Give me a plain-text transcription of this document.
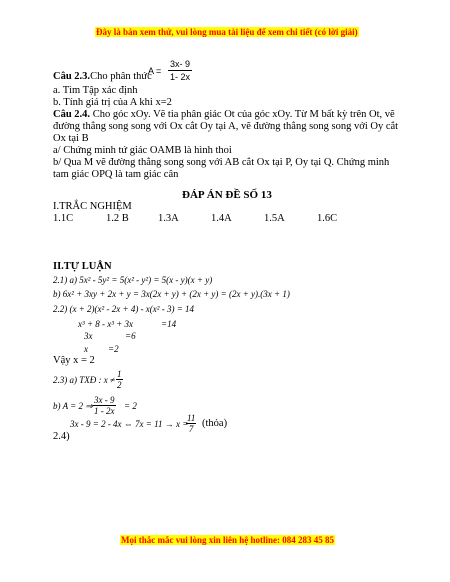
Đây là bản xem thử, vui lòng mua tài liệu để xem chi tiết (có lời giải)
$A = \frac{3x- 9}{1- 2x}$
Câu 2.3.Cho phân thức
a. Tìm Tập xác định
b. Tính giá trị của A khi x=2
Câu 2.4. Cho góc xOy. Vẽ tia phân giác Ot của góc xOy. Từ M bất kỳ trên Ot, vẽ
đường thẳng song song với Ox cắt Oy tại A, vẽ đường thẳng song song với Oy cắt
Ox tại B
a/ Chứng minh tứ giác OAMB là hình thoi
b/ Qua M vẽ đường thẳng song song với AB cắt Ox tại P, Oy tại Q. Chứng minh
tam giác OPQ là tam giác cân
ĐÁP ÁN ĐỀ SỐ 13
I.TRẮC NGHIỆM
1.1C	1.2 B	1.3A	1.4A	1.5A	1.6C
II.TỰ LUẬN
2.1) a) 5x² - 5y² = 5(x² - y²) = 5(x - y)(x + y)
b) 6x² + 3xy + 2x + y = 3x(2x + y) + (2x + y) = (2x + y).(3x + 1)
2.2) (x + 2)(x² - 2x + 4) - x(x² - 3) = 14
x³ + 8 - x³ + 3x	=14
3x	=6
x =2
Vậy x = 2
2.3) a) TXĐ : $x \ne \frac{1}{2}$
b) A = 2 ⇒ $\frac{3x - 9}{1 - 2x} = 2$
3x - 9 = 2 - 4x ⇔ 7x = 11 → x =
$\frac{11}{7}$ (thỏa)
2.4)
Mọi thắc mắc vui lòng xin liên hệ hotline: 084 283 45 85
